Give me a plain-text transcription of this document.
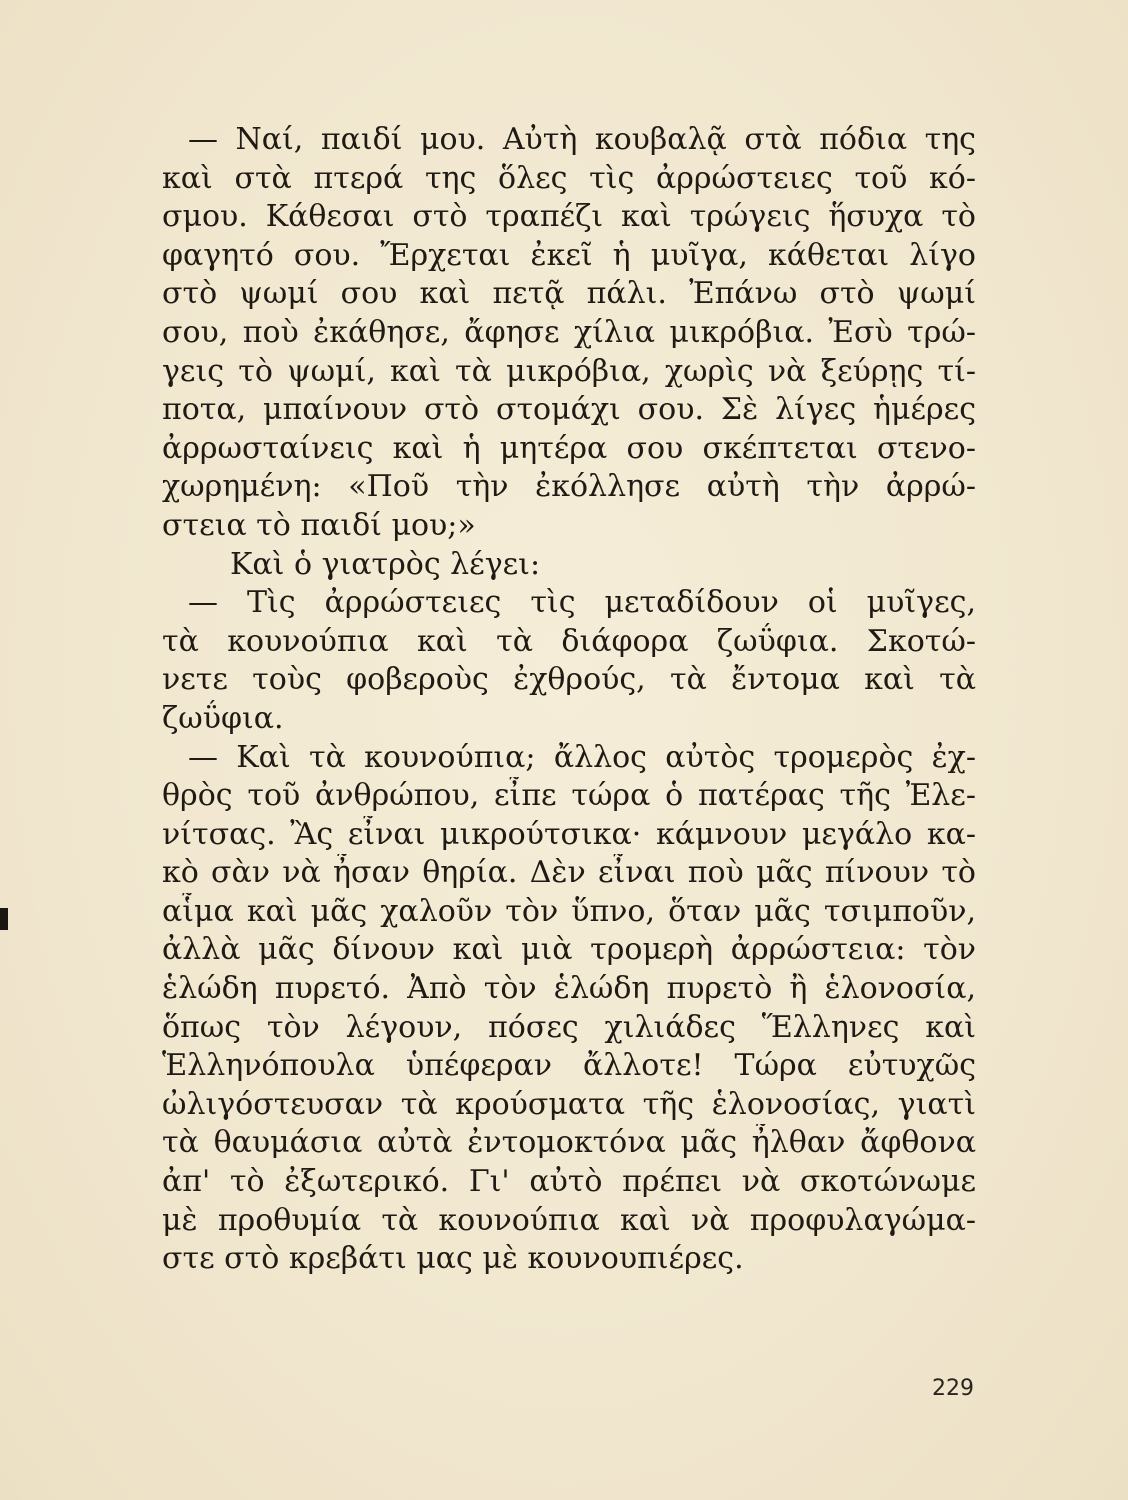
— Ναί, παιδί μου. Αὐτὴ κουβαλᾷ στὰ πόδια της
καὶ στὰ πτερά της ὅλες τὶς ἀρρώστειες τοῦ κό-
σμου. Κάθεσαι στὸ τραπέζι καὶ τρώγεις ἥσυχα τὸ
φαγητό σου. Ἔρχεται ἐκεῖ ἡ μυῖγα, κάθεται λίγο
στὸ ψωμί σου καὶ πετᾷ πάλι. Ἐπάνω στὸ ψωμί
σου, ποὺ ἐκάθησε, ἄφησε χίλια μικρόβια. Ἐσὺ τρώ-
γεις τὸ ψωμί, καὶ τὰ μικρόβια, χωρὶς νὰ ξεύρῃς τί-
ποτα, μπαίνουν στὸ στομάχι σου. Σὲ λίγες ἡμέρες
ἀρρωσταίνεις καὶ ἡ μητέρα σου σκέπτεται στενο-
χωρημένη: «Ποῦ τὴν ἐκόλλησε αὐτὴ τὴν ἀρρώ-
στεια τὸ παιδί μου;»
Καὶ ὁ γιατρὸς λέγει:
— Τὶς ἀρρώστειες τὶς μεταδίδουν οἱ μυῖγες,
τὰ κουνούπια καὶ τὰ διάφορα ζωΰφια. Σκοτώ-
νετε τοὺς φοβεροὺς ἐχθρούς, τὰ ἔντομα καὶ τὰ
ζωΰφια.
— Καὶ τὰ κουνούπια; ἄλλος αὐτὸς τρομερὸς ἐχ-
θρὸς τοῦ ἀνθρώπου, εἶπε τώρα ὁ πατέρας τῆς Ἐλε-
νίτσας. Ἂς εἶναι μικρούτσικα· κάμνουν μεγάλο κα-
κὸ σὰν νὰ ἦσαν θηρία. Δὲν εἶναι ποὺ μᾶς πίνουν τὸ
αἷμα καὶ μᾶς χαλοῦν τὸν ὕπνο, ὅταν μᾶς τσιμποῦν,
ἀλλὰ μᾶς δίνουν καὶ μιὰ τρομερὴ ἀρρώστεια: τὸν
ἑλώδη πυρετό. Ἀπὸ τὸν ἑλώδη πυρετὸ ἢ ἑλονοσία,
ὅπως τὸν λέγουν, πόσες χιλιάδες Ἕλληνες καὶ
Ἑλληνόπουλα ὑπέφεραν ἄλλοτε! Τώρα εὐτυχῶς
ὠλιγόστευσαν τὰ κρούσματα τῆς ἑλονοσίας, γιατὶ
τὰ θαυμάσια αὐτὰ ἐντομοκτόνα μᾶς ἦλθαν ἄφθονα
ἀπ' τὸ ἐξωτερικό. Γι' αὐτὸ πρέπει νὰ σκοτώνωμε
μὲ προθυμία τὰ κουνούπια καὶ νὰ προφυλαγώμα-
στε στὸ κρεβάτι μας μὲ κουνουπιέρες.
229
